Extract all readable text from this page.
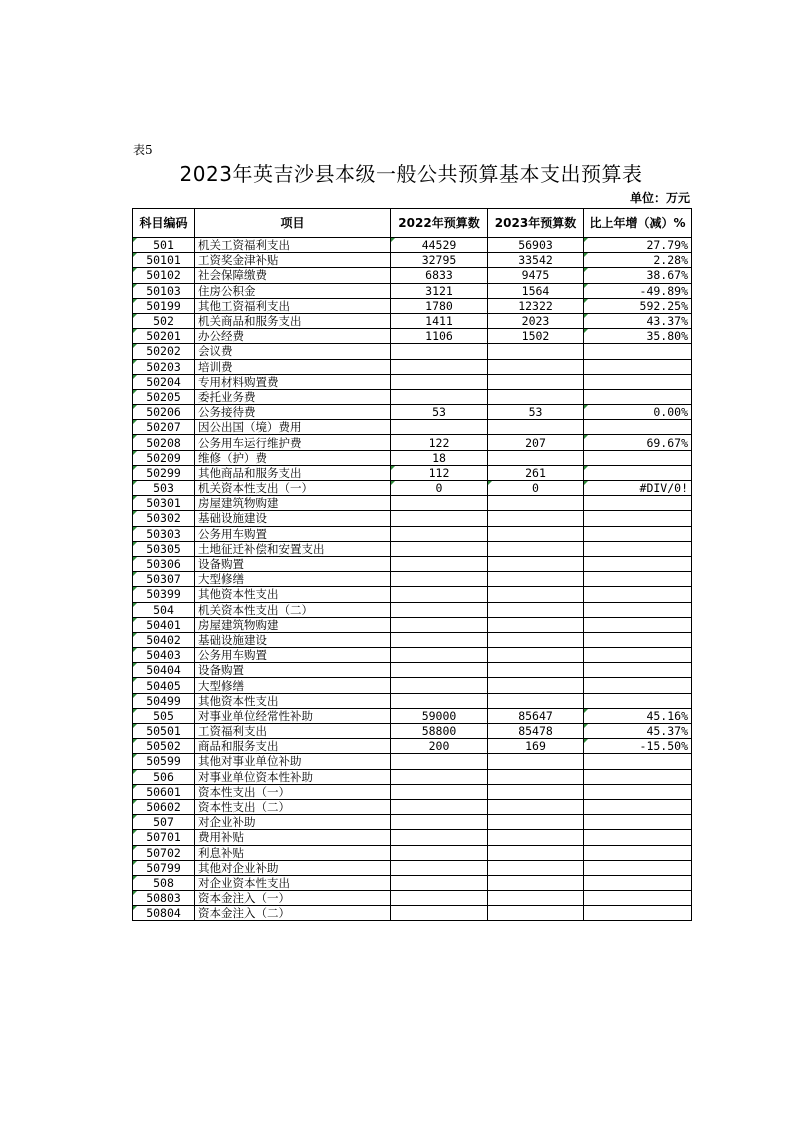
表5
2023年英吉沙县本级一般公共预算基本支出预算表
单位：万元
科目编码	项目	2022年预算数	2023年预算数	比上年增（减）%
501	机关工资福利支出	44529	56903	27.79%
50101	工资奖金津补贴	32795	33542	2.28%
50102	社会保障缴费	6833	9475	38.67%
50103	住房公积金	3121	1564	-49.89%
50199	其他工资福利支出	1780	12322	592.25%
502	机关商品和服务支出	1411	2023	43.37%
50201	办公经费	1106	1502	35.80%
50202	会议费			
50203	培训费			
50204	专用材料购置费			
50205	委托业务费			
50206	公务接待费	53	53	0.00%
50207	因公出国（境）费用			
50208	公务用车运行维护费	122	207	69.67%
50209	维修（护）费	18		
50299	其他商品和服务支出	112	261	
503	机关资本性支出（一）	0	0	#DIV/0!
50301	房屋建筑物购建			
50302	基础设施建设			
50303	公务用车购置			
50305	土地征迁补偿和安置支出			
50306	设备购置			
50307	大型修缮			
50399	其他资本性支出			
504	机关资本性支出（二）			
50401	房屋建筑物购建			
50402	基础设施建设			
50403	公务用车购置			
50404	设备购置			
50405	大型修缮			
50499	其他资本性支出			
505	对事业单位经常性补助	59000	85647	45.16%
50501	工资福利支出	58800	85478	45.37%
50502	商品和服务支出	200	169	-15.50%
50599	其他对事业单位补助			
506	对事业单位资本性补助			
50601	资本性支出（一）			
50602	资本性支出（二）			
507	对企业补助			
50701	费用补贴			
50702	利息补贴			
50799	其他对企业补助			
508	对企业资本性支出			
50803	资本金注入（一）			
50804	资本金注入（二）			
